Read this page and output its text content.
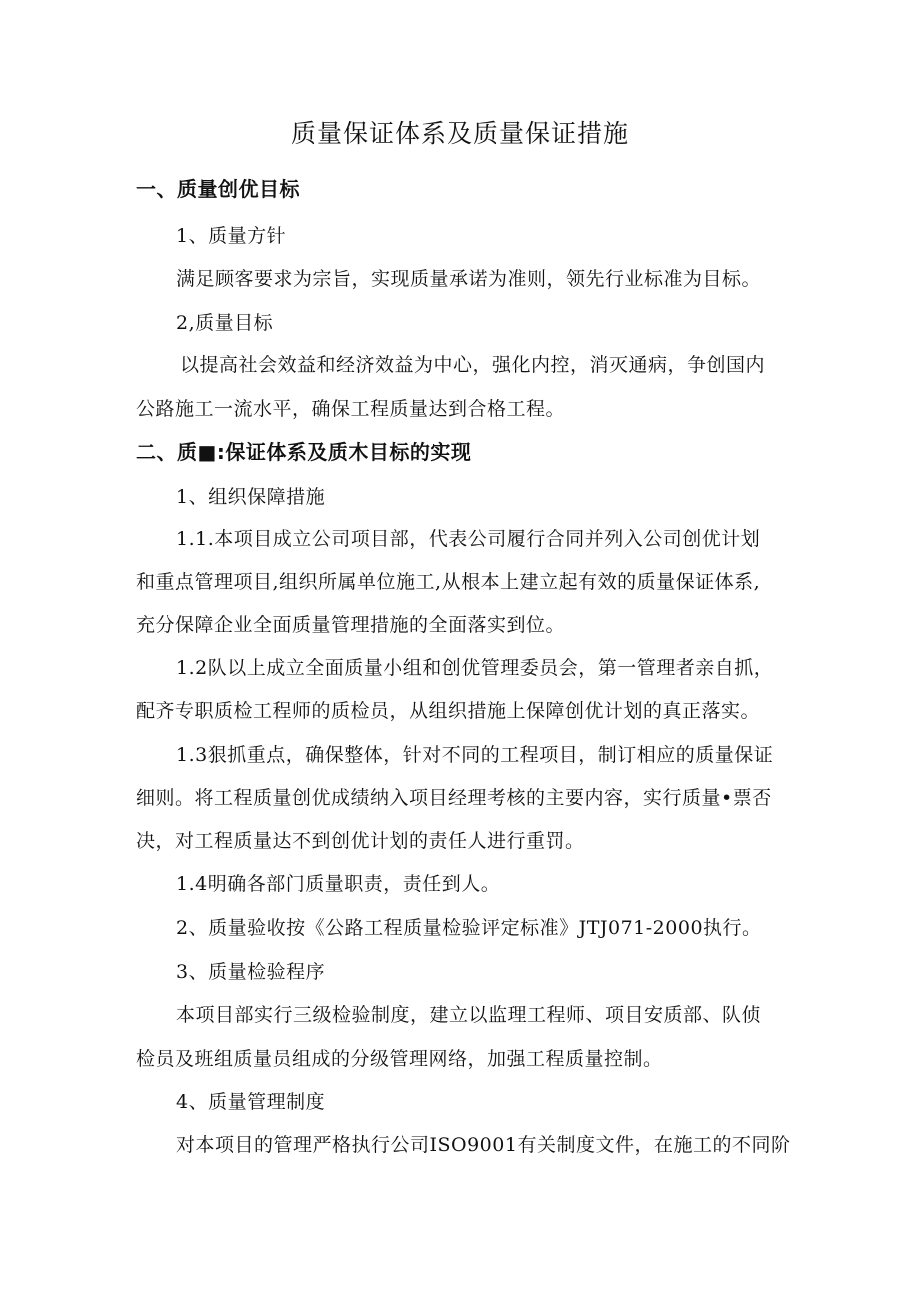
质量保证体系及质量保证措施
一、质量创优目标
1、质量方针
满足顾客要求为宗旨，实现质量承诺为准则，领先行业标准为目标。
2,质量目标
以提高社会效益和经济效益为中心，强化内控，消灭通病，争创国内
公路施工一流水平，确保工程质量达到合格工程。
二、质■:保证体系及质木目标的实现
1、组织保障措施
1.1.本项目成立公司项目部，代表公司履行合同并列入公司创优计划
和重点管理项目,组织所属单位施工,从根本上建立起有效的质量保证体系,
充分保障企业全面质量管理措施的全面落实到位。
1.2队以上成立全面质量小组和创优管理委员会，第一管理者亲自抓，
配齐专职质检工程师的质检员，从组织措施上保障创优计划的真正落实。
1.3狠抓重点，确保整体，针对不同的工程项目，制订相应的质量保证
细则。将工程质量创优成绩纳入项目经理考核的主要内容，实行质量•票否
决，对工程质量达不到创优计划的责任人进行重罚。
1.4明确各部门质量职责，责任到人。
2、质量验收按《公路工程质量检验评定标准》JTJ071-2000执行。
3、质量检验程序
本项目部实行三级检验制度，建立以监理工程师、项目安质部、队侦
检员及班组质量员组成的分级管理网络，加强工程质量控制。
4、质量管理制度
对本项目的管理严格执行公司ISO9001有关制度文件，在施工的不同阶
